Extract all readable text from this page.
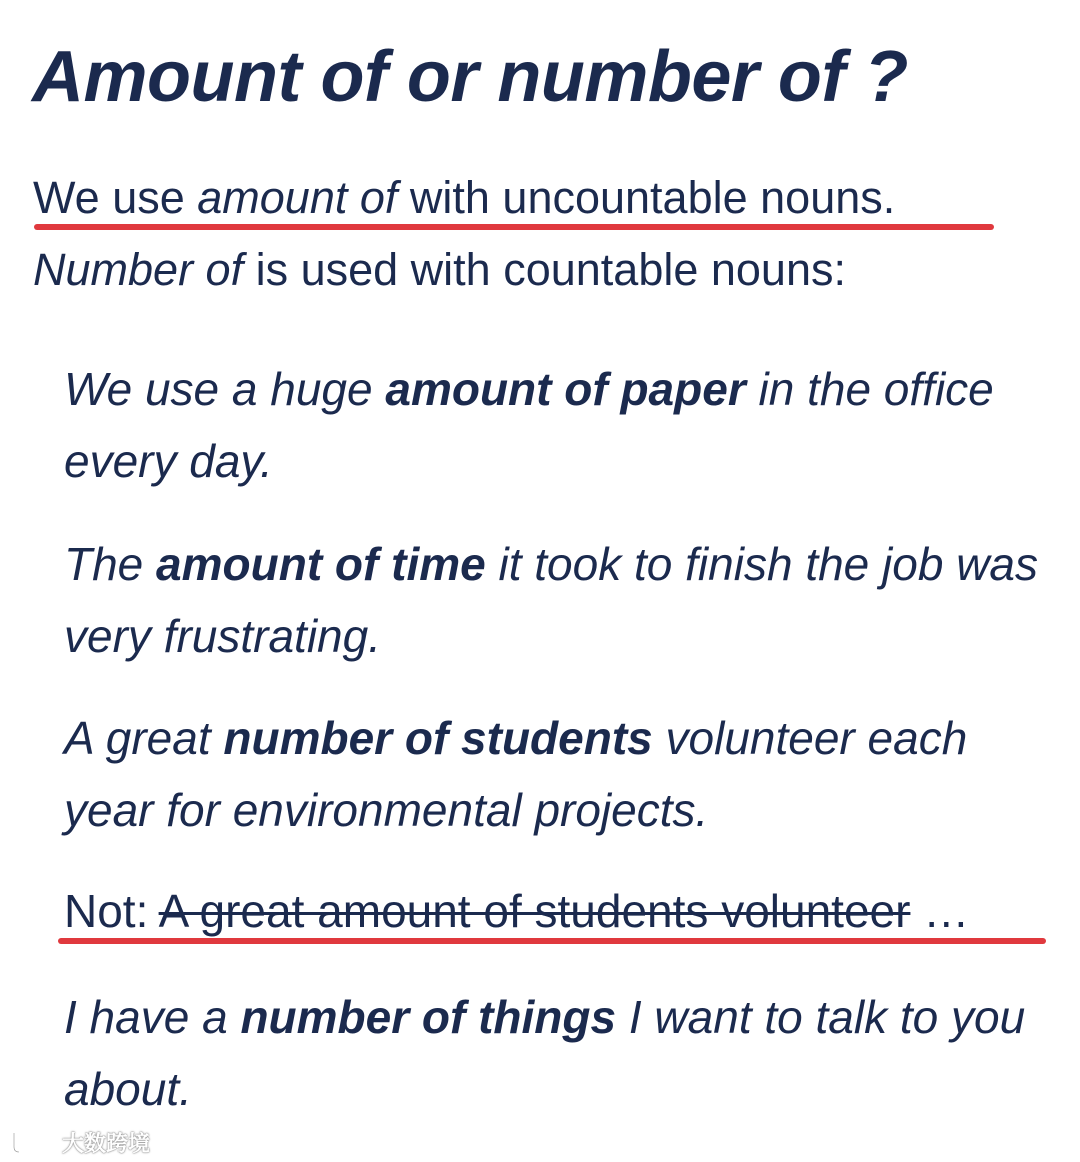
Amount of or number of ?
We use amount of with uncountable nouns.
Number of is used with countable nouns:

We use a huge amount of paper in the office every day.

The amount of time it took to finish the job was very frustrating.

A great number of students volunteer each year for environmental projects.

Not: A great amount of students volunteer …

I have a number of things I want to talk to you about.

大数跨境
